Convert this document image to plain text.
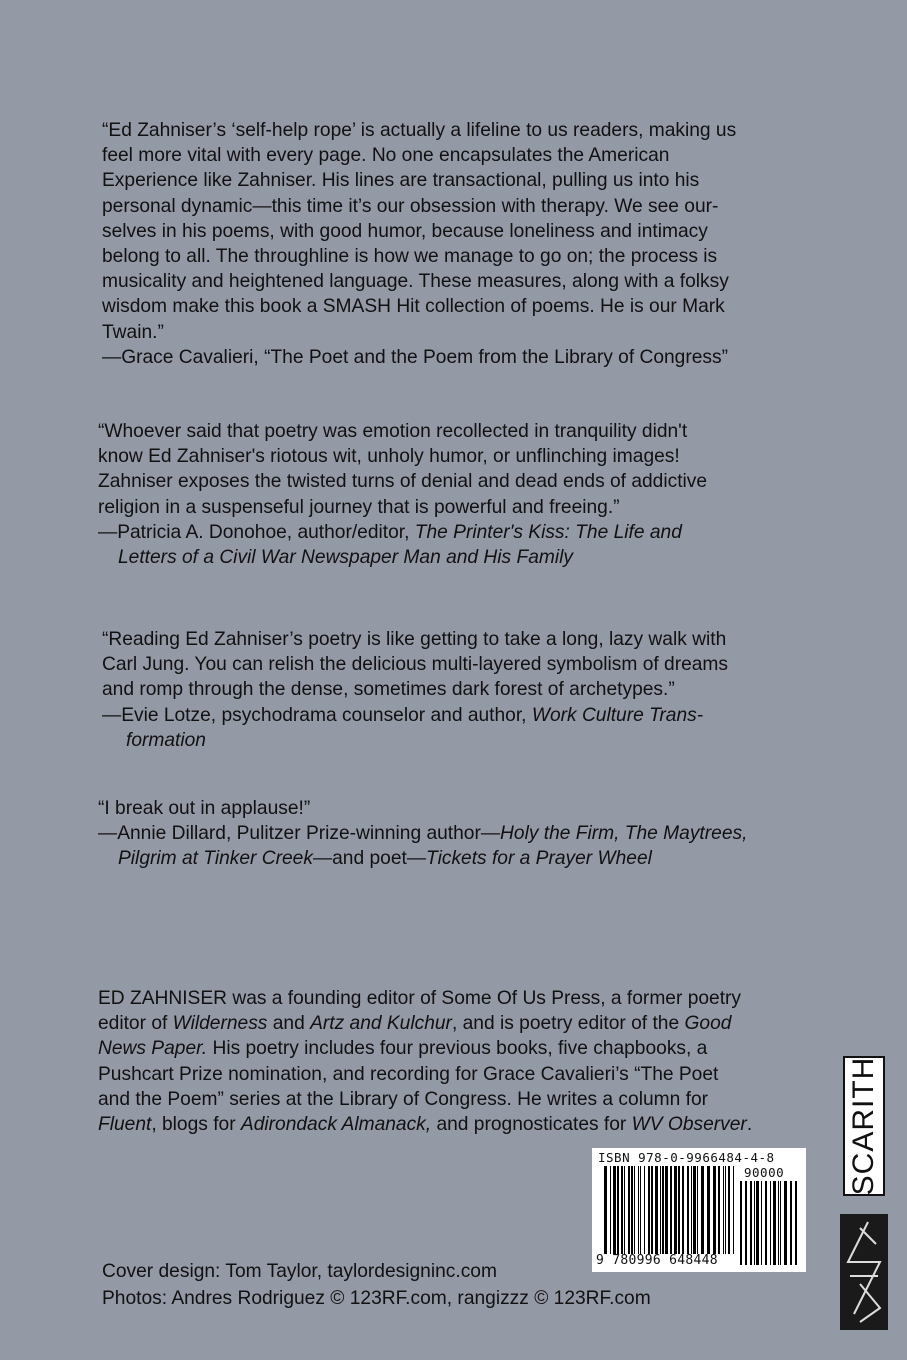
“Ed Zahniser’s ‘self-help rope’ is actually a lifeline to us readers, making us

feel more vital with every page. No one encapsulates the American

Experience like Zahniser. His lines are transactional, pulling us into his

personal dynamic—this time it’s our obsession with therapy. We see our-

selves in his poems, with good humor, because loneliness and intimacy

belong to all. The throughline is how we manage to go on; the process is

musicality and heightened language. These measures, along with a folksy

wisdom make this book a SMASH Hit collection of poems. He is our Mark

Twain.”

—Grace Cavalieri, “The Poet and the Poem from the Library of Congress”

“Whoever said that poetry was emotion recollected in tranquility didn't

know Ed Zahniser's riotous wit, unholy humor, or unflinching images!

Zahniser exposes the twisted turns of denial and dead ends of addictive

religion in a suspenseful journey that is powerful and freeing.”

—Patricia A. Donohoe, author/editor, The Printer's Kiss: The Life and
Letters of a Civil War Newspaper Man and His Family

“Reading Ed Zahniser’s poetry is like getting to take a long, lazy walk with

Carl Jung. You can relish the delicious multi-layered symbolism of dreams

and romp through the dense, sometimes dark forest of archetypes.”

—Evie Lotze, psychodrama counselor and author, Work Culture Trans-
formation

“I break out in applause!”

—Annie Dillard, Pulitzer Prize-winning author—Holy the Firm, The Maytrees,
Pilgrim at Tinker Creek—and poet—Tickets for a Prayer Wheel

ED ZAHNISER was a founding editor of Some Of Us Press, a former poetry

editor of Wilderness and Artz and Kulchur, and is poetry editor of the Good

News Paper. His poetry includes four previous books, five chapbooks, a

Pushcart Prize nomination, and recording for Grace Cavalieri’s “The Poet

and the Poem” series at the Library of Congress. He writes a column for

Fluent, blogs for Adirondack Almanack, and prognosticates for WV Observer.

Cover design: Tom Taylor, taylordesigninc.com

Photos: Andres Rodriguez © 123RF.com, rangizzz © 123RF.com

ISBN 978-0-9966484-4-8
90000
9 780996 648448
SCARITH
